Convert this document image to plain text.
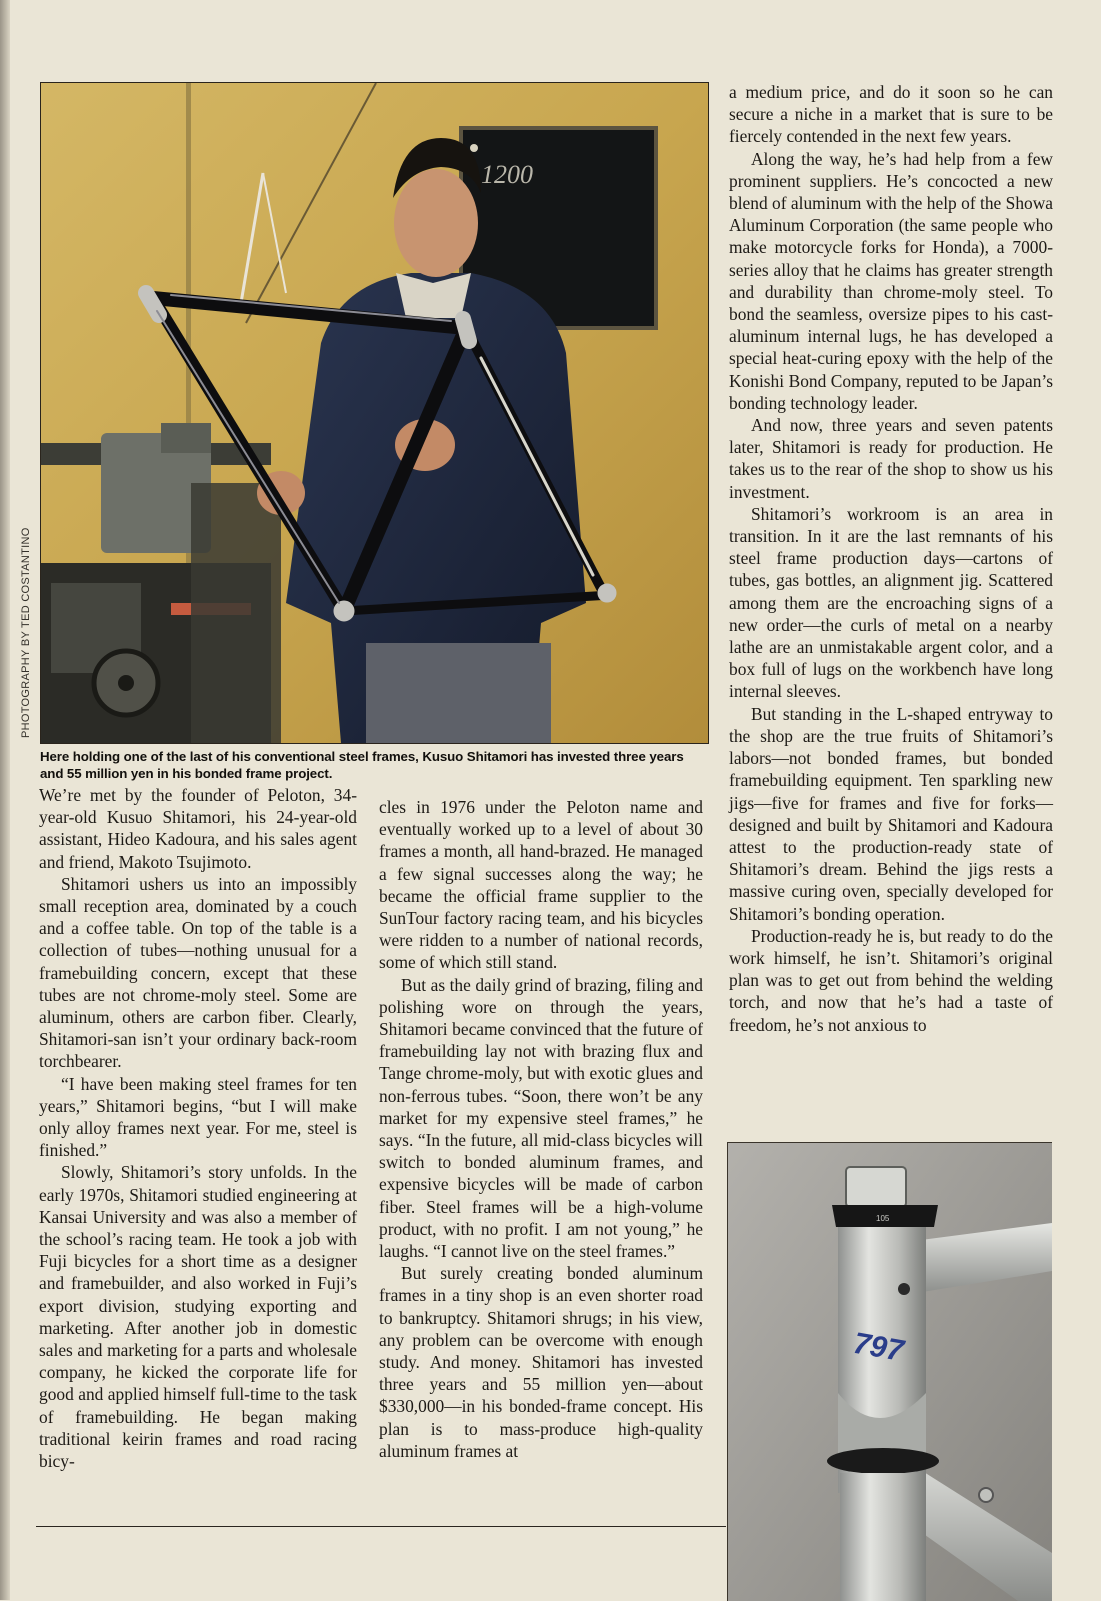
PHOTOGRAPHY BY TED COSTANTINO
1200
Here holding one of the last of his conventional steel frames, Kusuo Shitamori has invested three years and 55 million yen in his bonded frame project.

We’re met by the founder of Peloton, 34-year-old Kusuo Shitamori, his 24-year-old assistant, Hideo Kadoura, and his sales agent and friend, Makoto Tsujimoto.

Shitamori ushers us into an impossibly small reception area, dominated by a couch and a coffee table. On top of the table is a collection of tubes—nothing unusual for a framebuilding concern, except that these tubes are not chrome-moly steel. Some are aluminum, others are carbon fiber. Clearly, Shitamori-san isn’t your ordinary back-room torchbearer.

“I have been making steel frames for ten years,” Shitamori begins, “but I will make only alloy frames next year. For me, steel is finished.”

Slowly, Shitamori’s story unfolds. In the early 1970s, Shitamori studied engineering at Kansai University and was also a member of the school’s racing team. He took a job with Fuji bicycles for a short time as a designer and framebuilder, and also worked in Fuji’s export division, studying exporting and marketing. After another job in domestic sales and marketing for a parts and wholesale company, he kicked the corporate life for good and applied himself full-time to the task of framebuilding. He began making traditional keirin frames and road racing bicy-

cles in 1976 under the Peloton name and eventually worked up to a level of about 30 frames a month, all hand-brazed. He managed a few signal successes along the way; he became the official frame supplier to the SunTour factory racing team, and his bicycles were ridden to a number of national records, some of which still stand.

But as the daily grind of brazing, filing and polishing wore on through the years, Shitamori became convinced that the future of framebuilding lay not with brazing flux and Tange chrome-moly, but with exotic glues and non-ferrous tubes. “Soon, there won’t be any market for my expensive steel frames,” he says. “In the future, all mid-class bicycles will switch to bonded aluminum frames, and expensive bicycles will be made of carbon fiber. Steel frames will be a high-volume product, with no profit. I am not young,” he laughs. “I cannot live on the steel frames.”

But surely creating bonded aluminum frames in a tiny shop is an even shorter road to bankruptcy. Shitamori shrugs; in his view, any problem can be overcome with enough study. And money. Shitamori has invested three years and 55 million yen—about $330,000—in his bonded-frame concept. His plan is to mass-produce high-quality aluminum frames at

a medium price, and do it soon so he can secure a niche in a market that is sure to be fiercely contended in the next few years.

Along the way, he’s had help from a few prominent suppliers. He’s concocted a new blend of aluminum with the help of the Showa Aluminum Corporation (the same people who make motorcycle forks for Honda), a 7000-series alloy that he claims has greater strength and durability than chrome-moly steel. To bond the seamless, oversize pipes to his cast-aluminum internal lugs, he has developed a special heat-curing epoxy with the help of the Konishi Bond Company, reputed to be Japan’s bonding technology leader.

And now, three years and seven patents later, Shitamori is ready for production. He takes us to the rear of the shop to show us his investment.

Shitamori’s workroom is an area in transition. In it are the last remnants of his steel frame production days—cartons of tubes, gas bottles, an alignment jig. Scattered among them are the encroaching signs of a new order—the curls of metal on a nearby lathe are an unmistakable argent color, and a box full of lugs on the workbench have long internal sleeves.

But standing in the L-shaped entryway to the shop are the true fruits of Shitamori’s labors—not bonded frames, but bonded framebuilding equipment. Ten sparkling new jigs—five for frames and five for forks—designed and built by Shitamori and Kadoura attest to the production-ready state of Shitamori’s dream. Behind the jigs rests a massive curing oven, specially developed for Shitamori’s bonding operation.

Production-ready he is, but ready to do the work himself, he isn’t. Shitamori’s original plan was to get out from behind the welding torch, and now that he’s had a taste of freedom, he’s not anxious to

797
105
